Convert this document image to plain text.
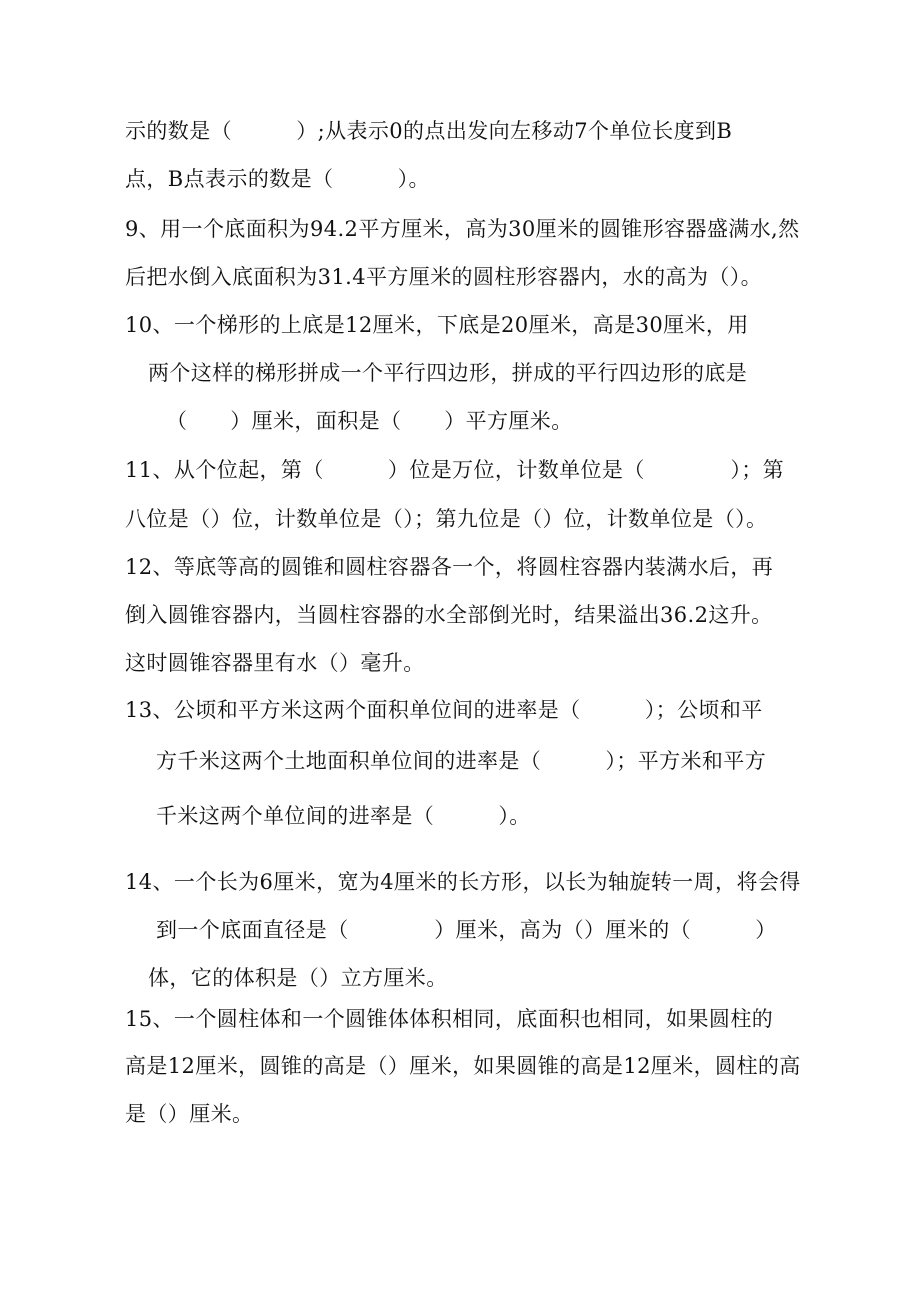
示的数是（　　　）;从表示0的点出发向左移动7个单位长度到B
点，B点表示的数是（　　　）。
9、用一个底面积为94.2平方厘米，高为30厘米的圆锥形容器盛满水,然
后把水倒入底面积为31.4平方厘米的圆柱形容器内，水的高为（）。
10、一个梯形的上底是12厘米，下底是20厘米，高是30厘米，用
两个这样的梯形拼成一个平行四边形，拼成的平行四边形的底是
（　　）厘米，面积是（　　）平方厘米。
11、从个位起，第（　　　）位是万位，计数单位是（　　　　）；第
八位是（）位，计数单位是（）；第九位是（）位，计数单位是（）。
12、等底等高的圆锥和圆柱容器各一个，将圆柱容器内装满水后，再
倒入圆锥容器内，当圆柱容器的水全部倒光时，结果溢出36.2这升。
这时圆锥容器里有水（）毫升。
13、公顷和平方米这两个面积单位间的进率是（　　　）；公顷和平
方千米这两个土地面积单位间的进率是（　　　）；平方米和平方
千米这两个单位间的进率是（　　　）。
14、一个长为6厘米，宽为4厘米的长方形，以长为轴旋转一周，将会得
到一个底面直径是（　　　　）厘米，高为（）厘米的（　　　）
体，它的体积是（）立方厘米。
15、一个圆柱体和一个圆锥体体积相同，底面积也相同，如果圆柱的
高是12厘米，圆锥的高是（）厘米，如果圆锥的高是12厘米，圆柱的高
是（）厘米。
